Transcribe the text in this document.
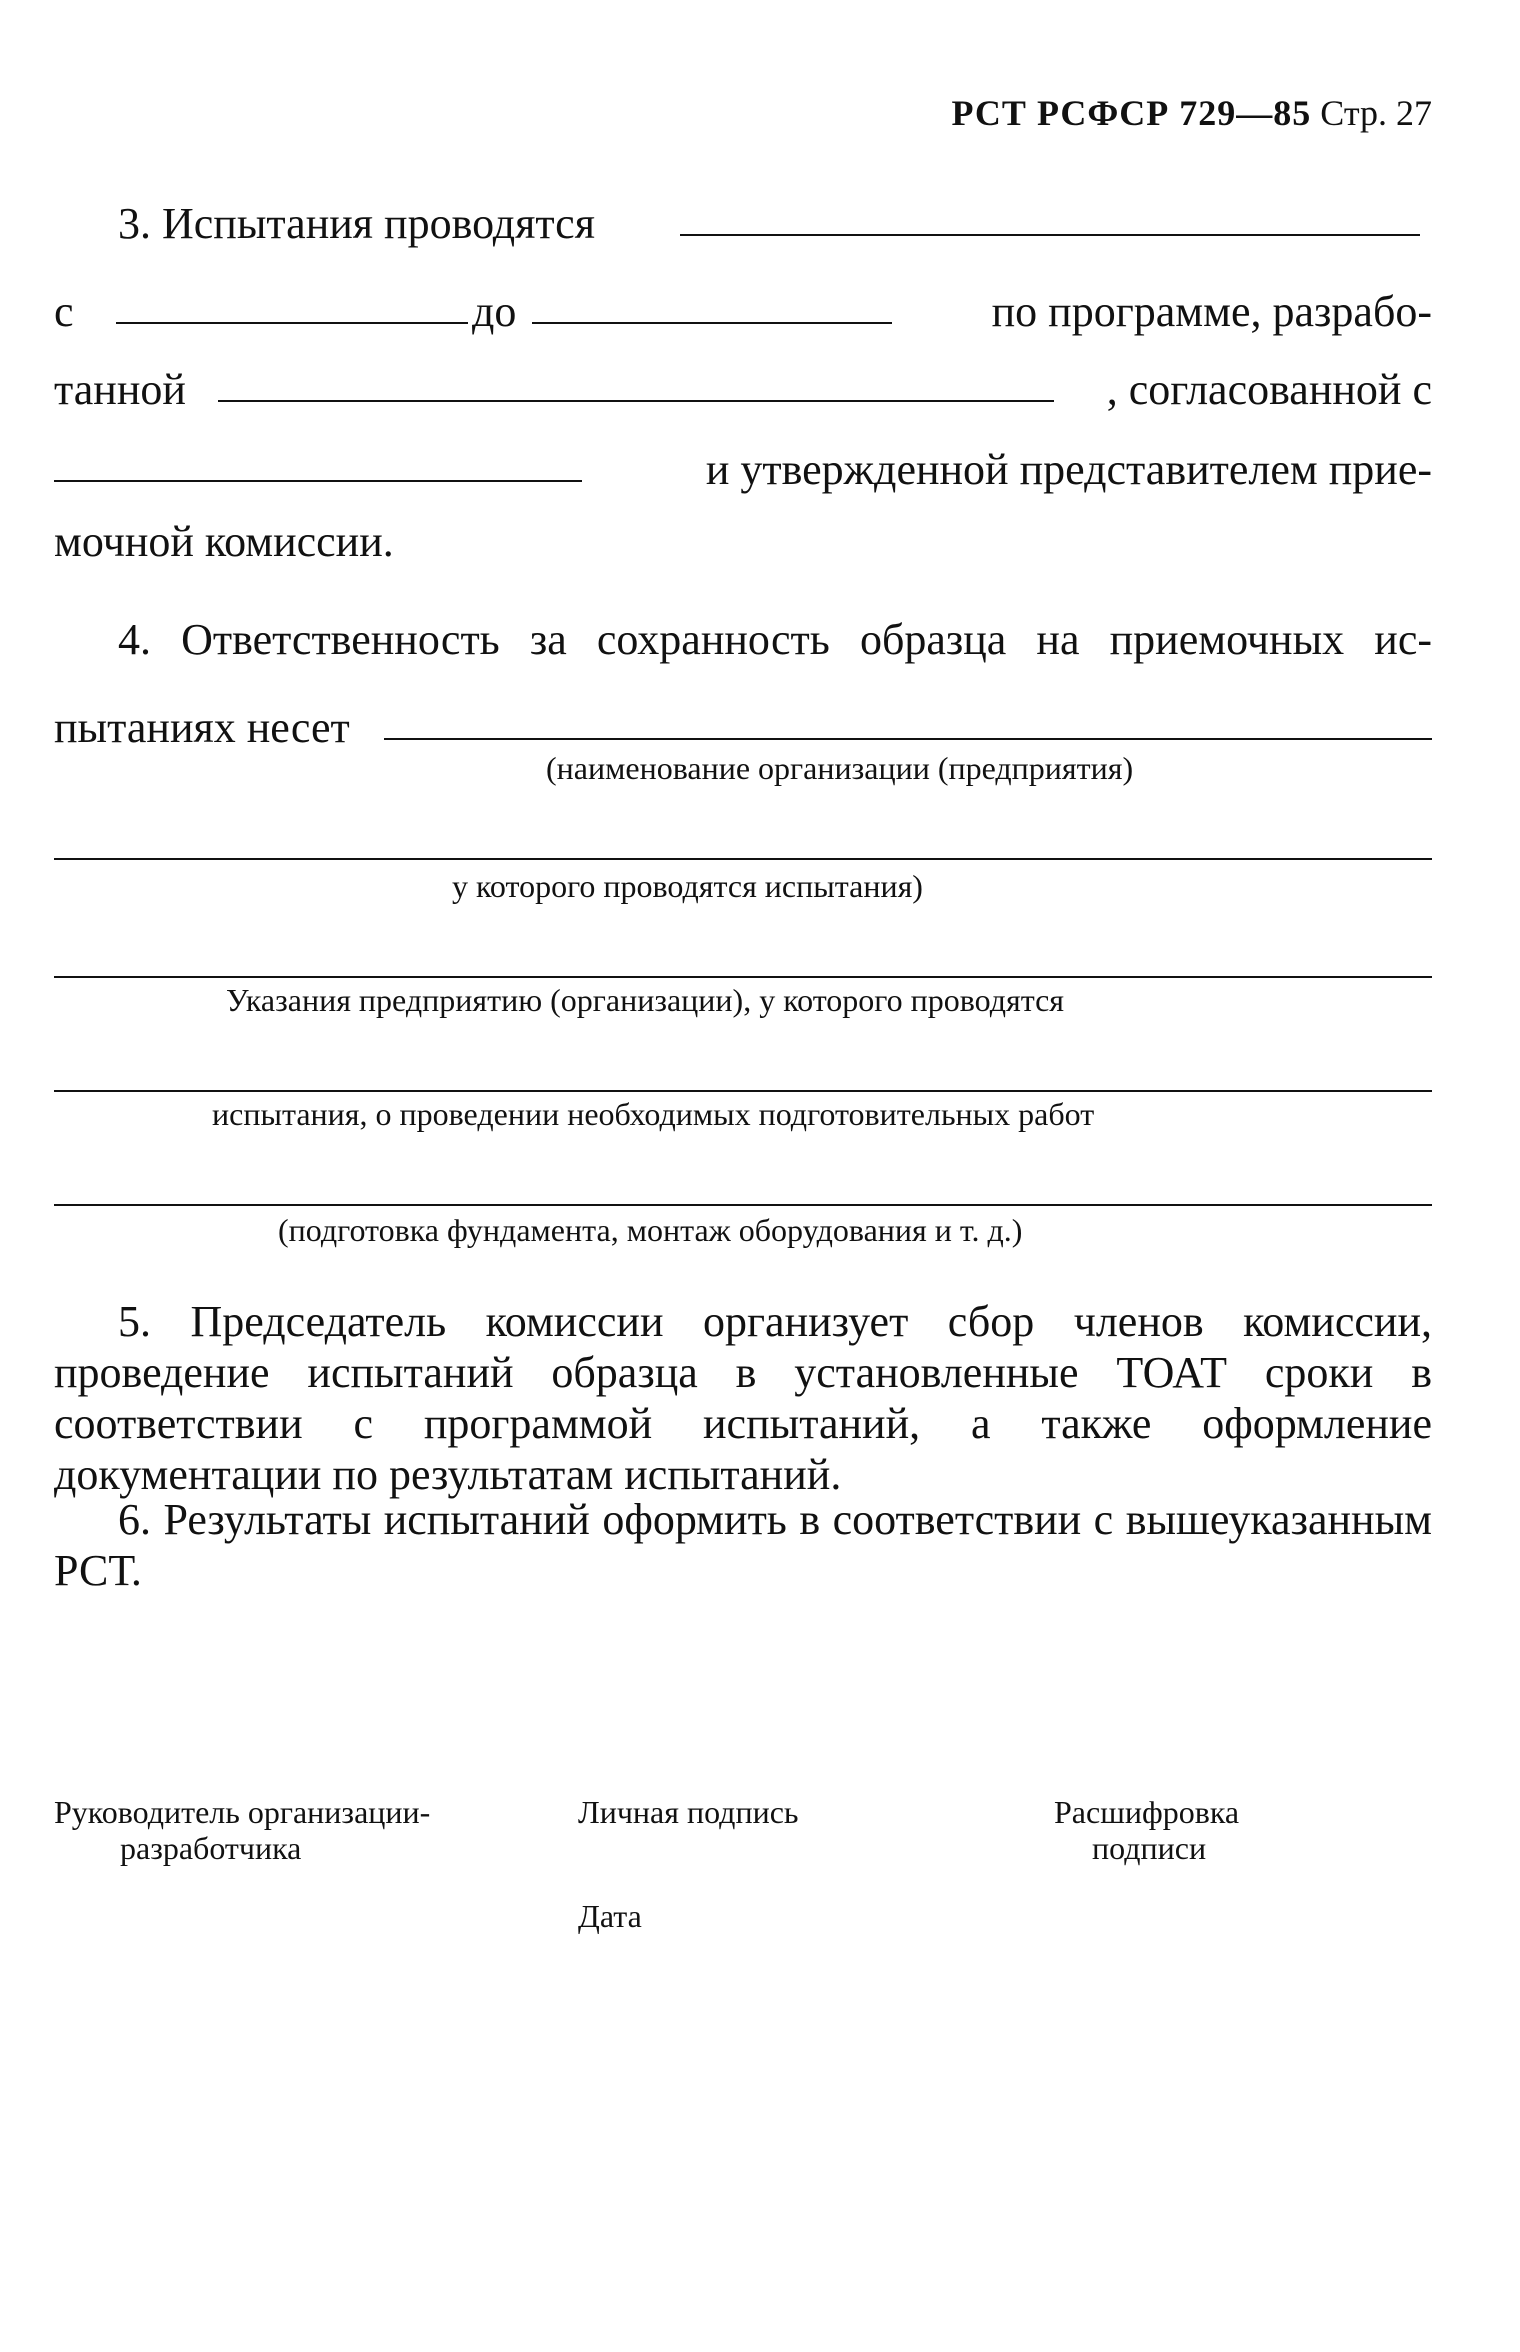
РСТ РСФСР 729—85 Стр. 27
3. Испытания проводятся
с	до	по программе, разрабо-
танной	, согласованной с
и утвержденной представителем прие-
мочной комиссии.
4. Ответственность за сохранность образца на приемочных ис-
пытаниях несет
(наименование организации (предприятия)
у которого проводятся испытания)
Указания предприятию (организации), у которого проводятся
испытания, о проведении необходимых подготовительных работ
(подготовка фундамента, монтаж оборудования и т. д.)
5. Председатель комиссии организует сбор членов комиссии, проведение испытаний образца в установленные ТОАТ сроки в соответствии с программой испытаний, а также оформление документации по результатам испытаний.
6. Результаты испытаний оформить в соответствии с вышеуказанным РСТ.
Руководитель организации-
разработчика
Личная подпись	Расшифровка
подписи
Дата
